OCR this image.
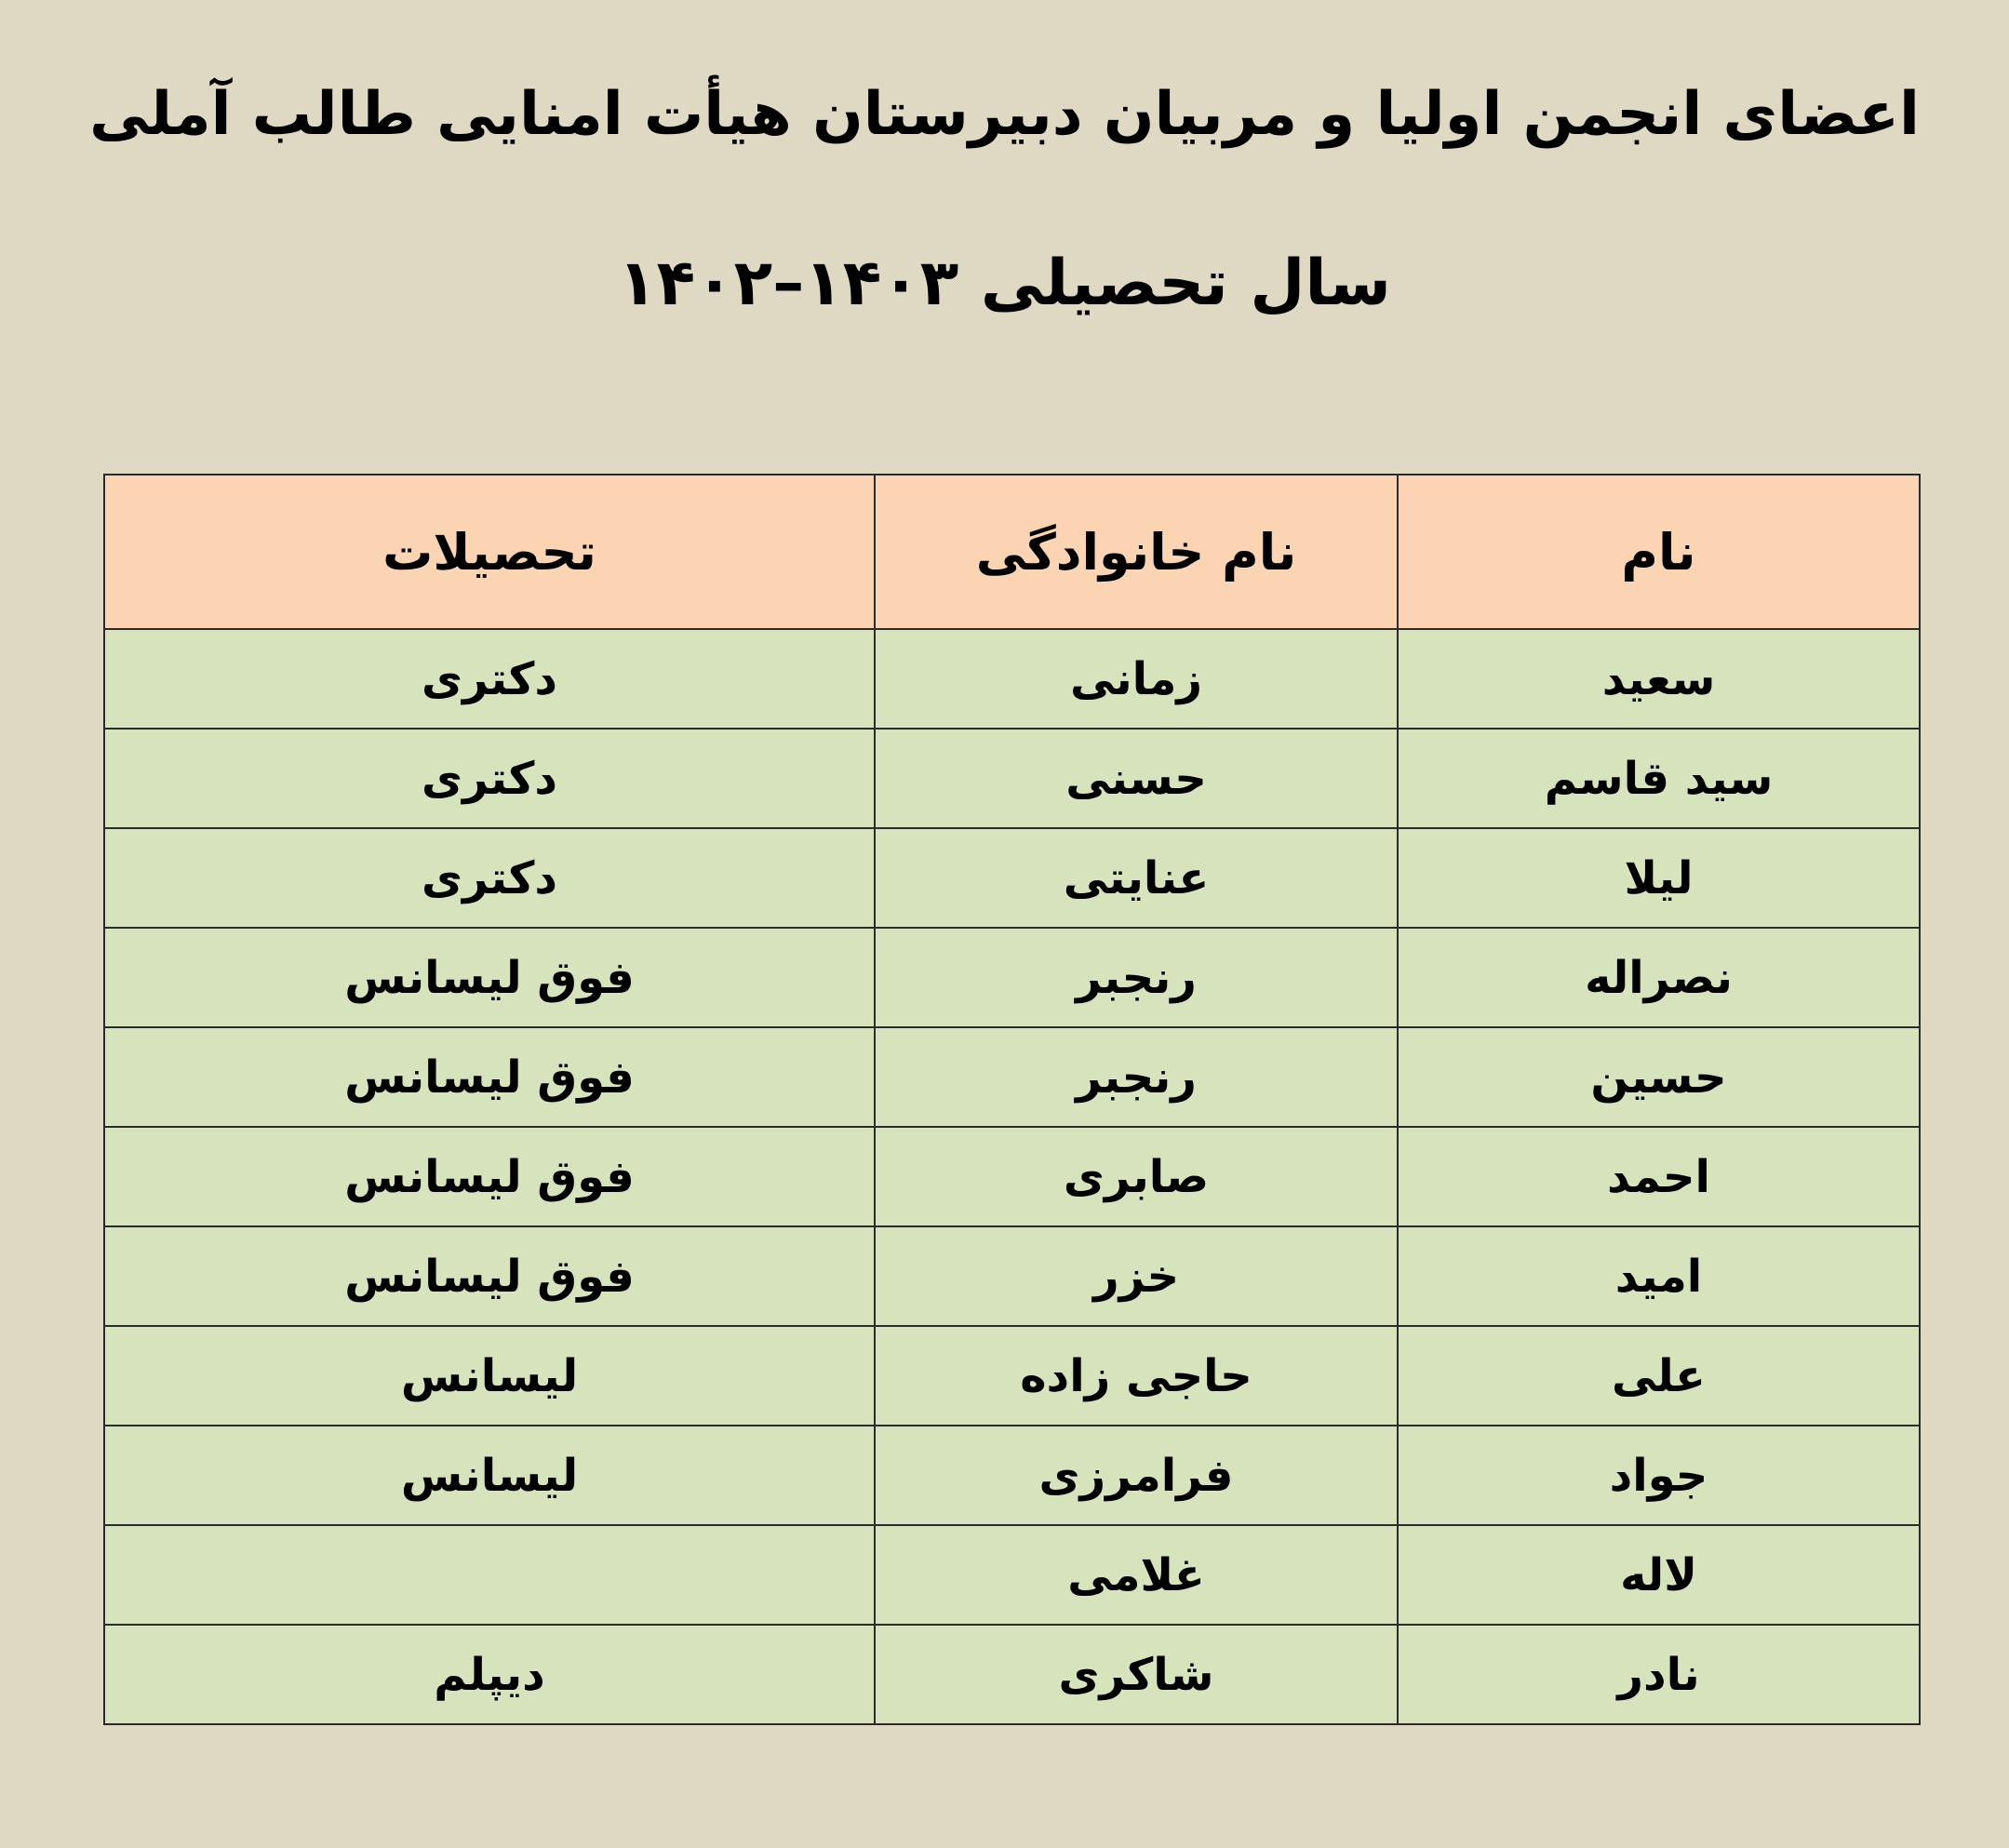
اعضای انجمن اولیا و مربیان دبیرستان هیأت امنایی طالب آملی
سال تحصیلی ۱۴۰۳–۱۴۰۲
نام	نام خانوادگی	تحصیلات
سعید	زمانی	دکتری
سید قاسم	حسنی	دکتری
لیلا	عنایتی	دکتری
نصراله	رنجبر	فوق لیسانس
حسین	رنجبر	فوق لیسانس
احمد	صابری	فوق لیسانس
امید	خزر	فوق لیسانس
علی	حاجی زاده	لیسانس
جواد	فرامرزی	لیسانس
لاله	غلامی	
نادر	شاکری	دیپلم
